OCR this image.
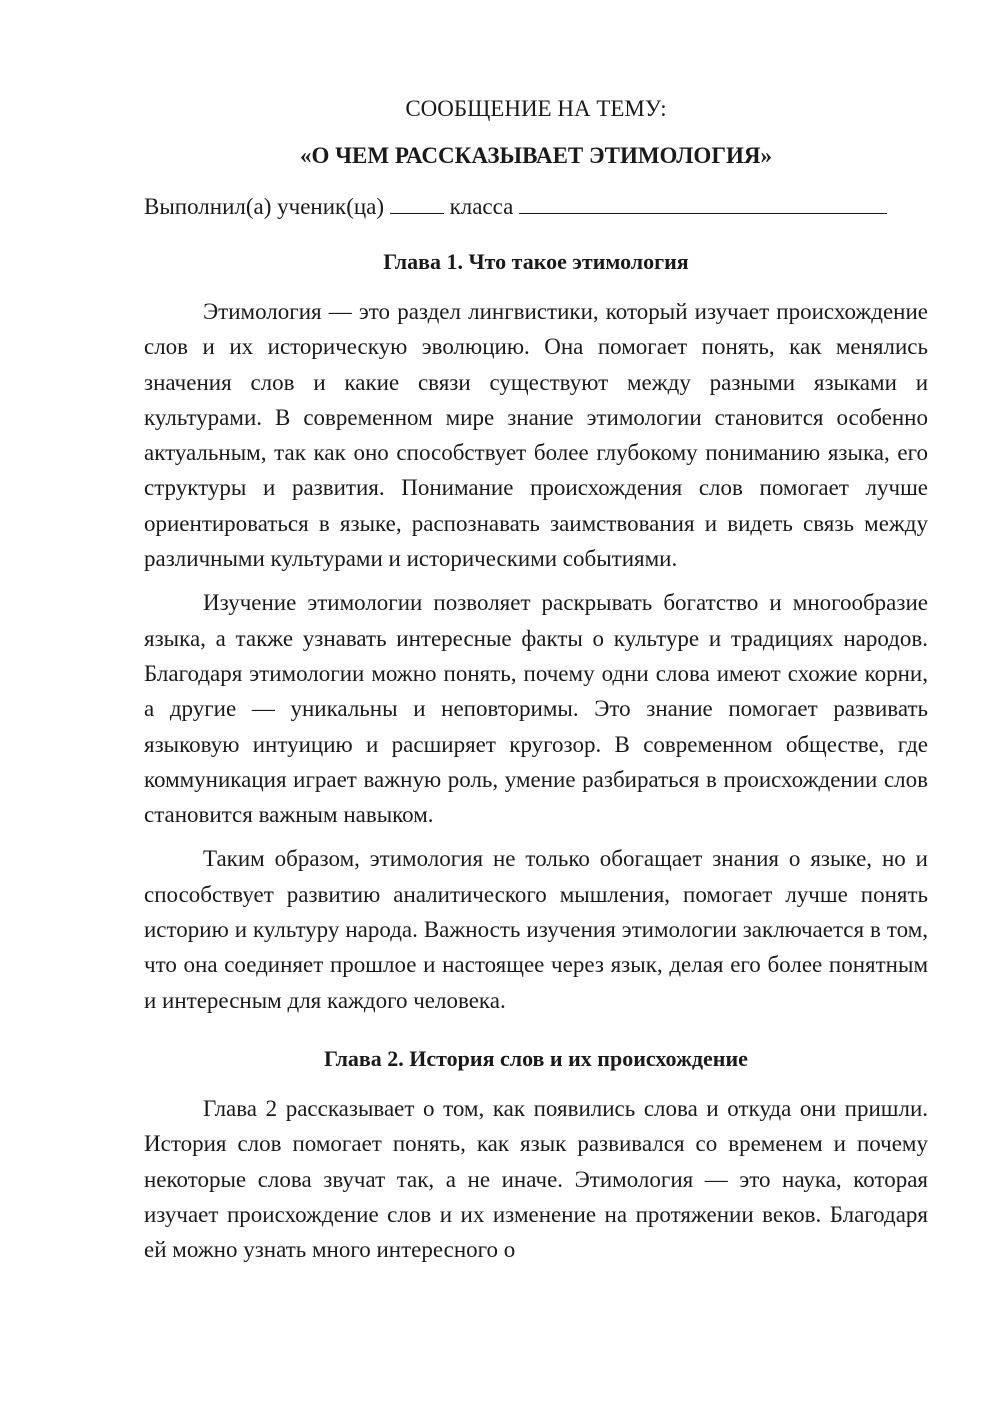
СООБЩЕНИЕ НА ТЕМУ:

«О ЧЕМ РАССКАЗЫВАЕТ ЭТИМОЛОГИЯ»

Выполнил(а) ученик(ца)	класса
Глава 1. Что такое этимология

Этимология — это раздел лингвистики, который изучает происхождение слов и их историческую эволюцию. Она помогает понять, как менялись значения слов и какие связи существуют между разными языками и культурами. В современном мире знание этимологии становится особенно актуальным, так как оно способствует более глубокому пониманию языка, его структуры и развития. Понимание происхождения слов помогает лучше ориентироваться в языке, распознавать заимствования и видеть связь между различными культурами и историческими событиями.

Изучение этимологии позволяет раскрывать богатство и многообразие языка, а также узнавать интересные факты о культуре и традициях народов. Благодаря этимологии можно понять, почему одни слова имеют схожие корни, а другие — уникальны и неповторимы. Это знание помогает развивать языковую интуицию и расширяет кругозор. В современном обществе, где коммуникация играет важную роль, умение разбираться в происхождении слов становится важным навыком.

Таким образом, этимология не только обогащает знания о языке, но и способствует развитию аналитического мышления, помогает лучше понять историю и культуру народа. Важность изучения этимологии заключается в том, что она соединяет прошлое и настоящее через язык, делая его более понятным и интересным для каждого человека.

Глава 2. История слов и их происхождение

Глава 2 рассказывает о том, как появились слова и откуда они пришли. История слов помогает понять, как язык развивался со временем и почему некоторые слова звучат так, а не иначе. Этимология — это наука, которая изучает происхождение слов и их изменение на протяжении веков. Благодаря ей можно узнать много интересного о
